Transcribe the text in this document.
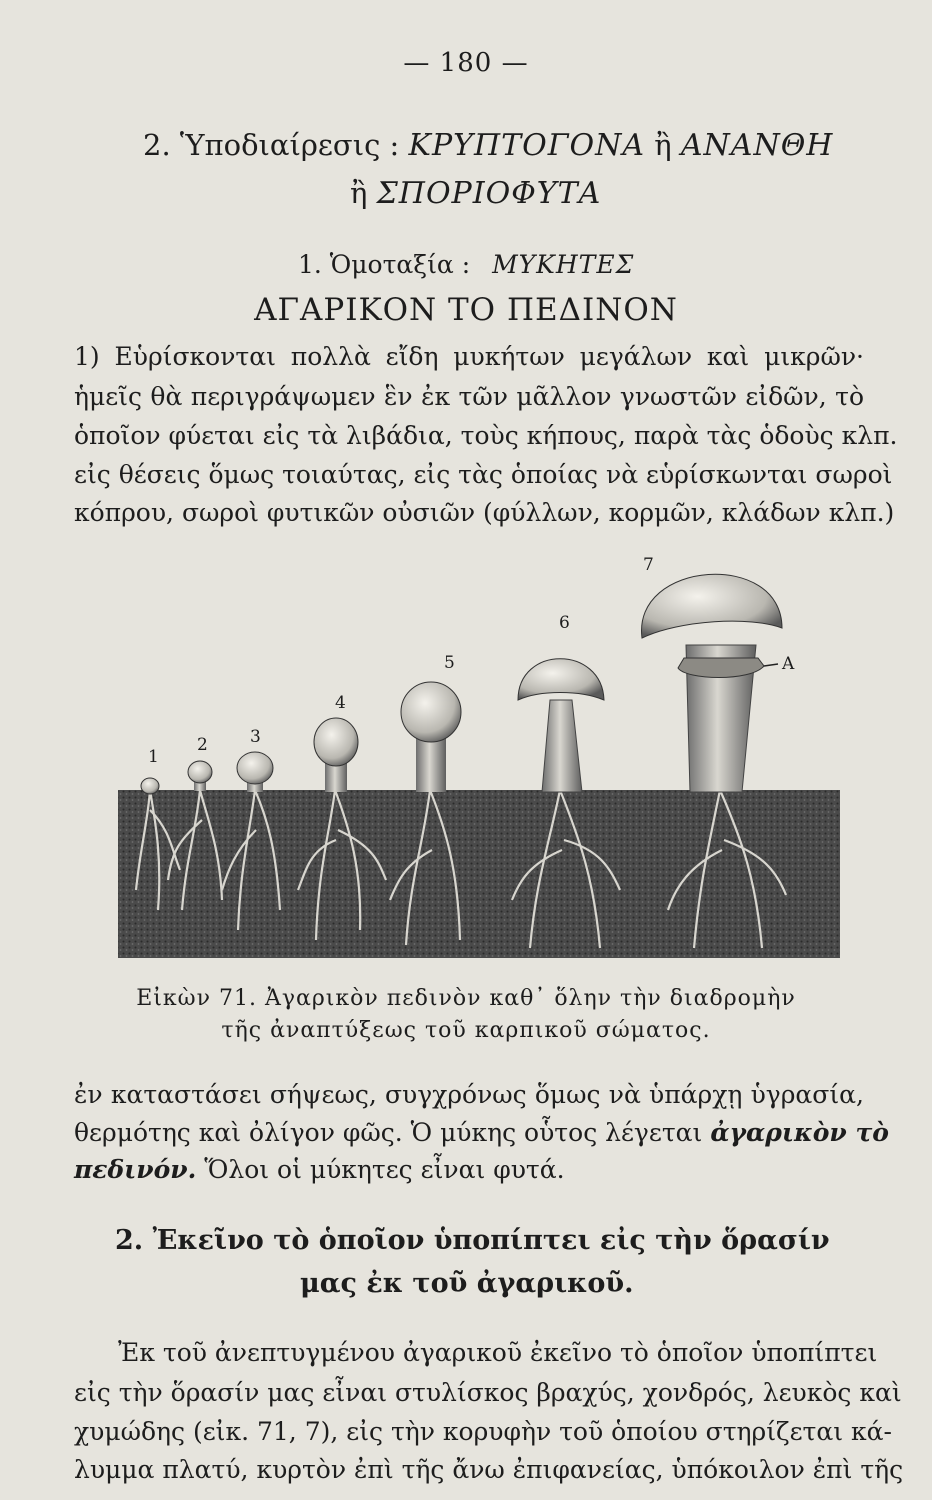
— 180 —
2. Ὑποδιαίρεσις : ΚΡΥΠΤΟΓΟΝΑ ἢ ΑΝΑΝΘΗ
ἢ ΣΠΟΡΙΟΦΥΤΑ
1. Ὁμοταξία : ΜΥΚΗΤΕΣ
ΑΓΑΡΙΚΟΝ ΤΟ ΠΕΔΙΝΟΝ
1) Εὑρίσκονται πολλὰ εἴδη μυκήτων μεγάλων καὶ μικρῶν·
ἡμεῖς θὰ περιγράψωμεν ἓν ἐκ τῶν μᾶλλον γνωστῶν εἰδῶν, τὸ
ὁποῖον φύεται εἰς τὰ λιβάδια, τοὺς κήπους, παρὰ τὰς ὁδοὺς κλπ.
εἰς θέσεις ὅμως τοιαύτας, εἰς τὰς ὁποίας νὰ εὑρίσκωνται σωροὶ
κόπρου, σωροὶ φυτικῶν οὐσιῶν (φύλλων, κορμῶν, κλάδων κλπ.)
1
2 3
4
5
6
7
A
Εἰκὼν 71. Ἀγαρικὸν πεδινὸν καθ᾽ ὅλην τὴν διαδρομὴν
τῆς ἀναπτύξεως τοῦ καρπικοῦ σώματος.
ἐν καταστάσει σήψεως, συγχρόνως ὅμως νὰ ὑπάρχῃ ὑγρασία,
θερμότης καὶ ὀλίγον φῶς. Ὁ μύκης οὗτος λέγεται ἀγαρικὸν τὸ
πεδινόν. Ὅλοι οἱ μύκητες εἶναι φυτά.
2. Ἐκεῖνο τὸ ὁποῖον ὑποπίπτει εἰς τὴν ὅρασίν
μας ἐκ τοῦ ἀγαρικοῦ.
Ἐκ τοῦ ἀνεπτυγμένου ἀγαρικοῦ ἐκεῖνο τὸ ὁποῖον ὑποπίπτει
εἰς τὴν ὅρασίν μας εἶναι στυλίσκος βραχύς, χονδρός, λευκὸς καὶ
χυμώδης (εἰκ. 71, 7), εἰς τὴν κορυφὴν τοῦ ὁποίου στηρίζεται κά-
λυμμα πλατύ, κυρτὸν ἐπὶ τῆς ἄνω ἐπιφανείας, ὑπόκοιλον ἐπὶ τῆς
